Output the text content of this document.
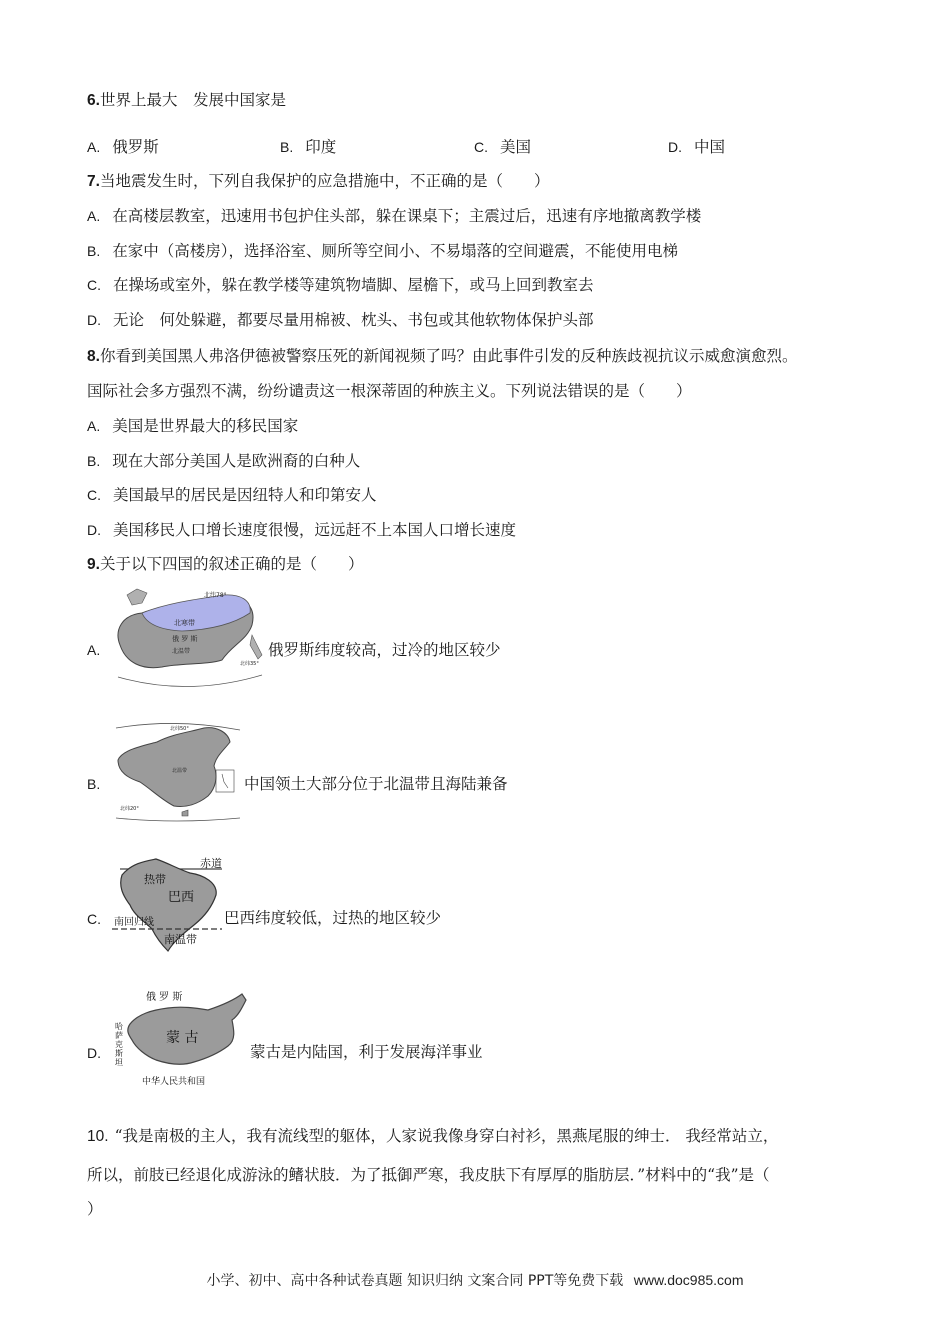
6.世界上最大　发展中国家是
A. 俄罗斯	B. 印度	C. 美国	D. 中国
7.当地震发生时，下列自我保护的应急措施中，不正确的是（　　）
A. 在高楼层教室，迅速用书包护住头部，躲在课桌下；主震过后，迅速有序地撤离教学楼
B. 在家中（高楼房），选择浴室、厕所等空间小、不易塌落的空间避震，不能使用电梯
C. 在操场或室外，躲在教学楼等建筑物墙脚、屋檐下，或马上回到教室去
D. 无论　何处躲避，都要尽量用棉被、枕头、书包或其他软物体保护头部
8.你看到美国黑人弗洛伊德被警察压死的新闻视频了吗？由此事件引发的反种族歧视抗议示威愈演愈烈。
国际社会多方强烈不满，纷纷谴责这一根深蒂固的种族主义。下列说法错误的是（　　）
A. 美国是世界最大的移民国家
B. 现在大部分美国人是欧洲裔的白种人
C. 美国最早的居民是因纽特人和印第安人
D. 美国移民人口增长速度很慢，远远赶不上本国人口增长速度
9.关于以下四国的叙述正确的是（　　）
A.
北纬78°
北寒带
俄 罗 斯
北温带
北纬35°
俄罗斯纬度较高，过冷的地区较少
B.
北纬50°
北温带
北纬20°
中国领土大部分位于北温带且海陆兼备
C.
赤道
热带
巴西
南回归线
南温带
巴西纬度较低，过热的地区较少
D.
俄 罗 斯
蒙 古
中华人民共和国
哈萨克斯坦
蒙古是内陆国，利于发展海洋事业
10. “我是南极的主人，我有流线型的躯体，人家说我像身穿白衬衫，黑燕尾服的绅士． 我经常站立，
所以，前肢已经退化成游泳的鳍状肢．为了抵御严寒，我皮肤下有厚厚的脂肪层．”材料中的“我”是（
）
小学、初中、高中各种试卷真题 知识归纳 文案合同 PPT等免费下载 www.doc985.com
